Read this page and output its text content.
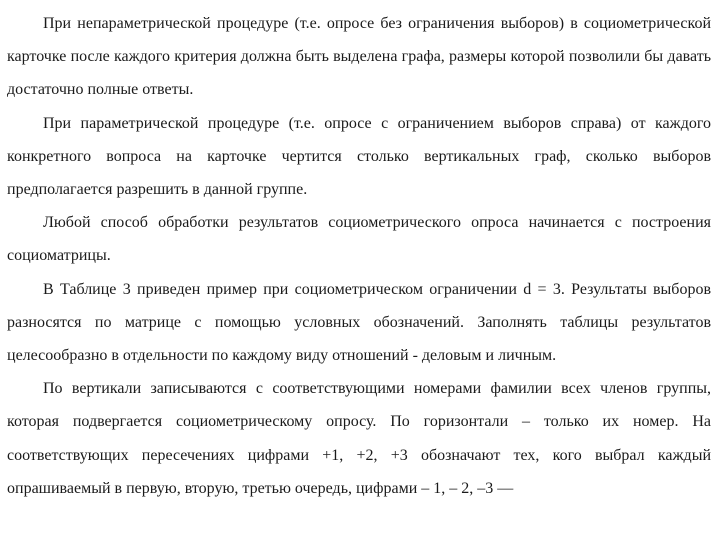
При непараметрической процедуре (т.е. опросе без ограничения выборов) в социометрической карточке после каждого критерия должна быть выделена графа, размеры которой позволили бы давать достаточно полные ответы.

При параметрической процедуре (т.е. опросе с ограничением выборов справа) от каждого конкретного вопроса на карточке чертится столько вертикальных граф, сколько выборов предполагается разрешить в данной группе.

Любой способ обработки результатов социометрического опроса начинается с построения социоматрицы.

В Таблице 3 приведен пример при социометрическом ограничении d = 3. Результаты выборов разносятся по матрице с помощью условных обозначений. Заполнять таблицы результатов целесообразно в отдельности по каждому виду отношений - деловым и личным.

По вертикали записываются с соответствующими номерами фамилии всех членов группы, которая подвергается социометрическому опросу. По горизонтали – только их номер. На соответствующих пересечениях цифрами +1, +2, +3 обозначают тех, кого выбрал каждый опрашиваемый в первую, вторую, третью очередь, цифрами – 1, – 2, –3 —
